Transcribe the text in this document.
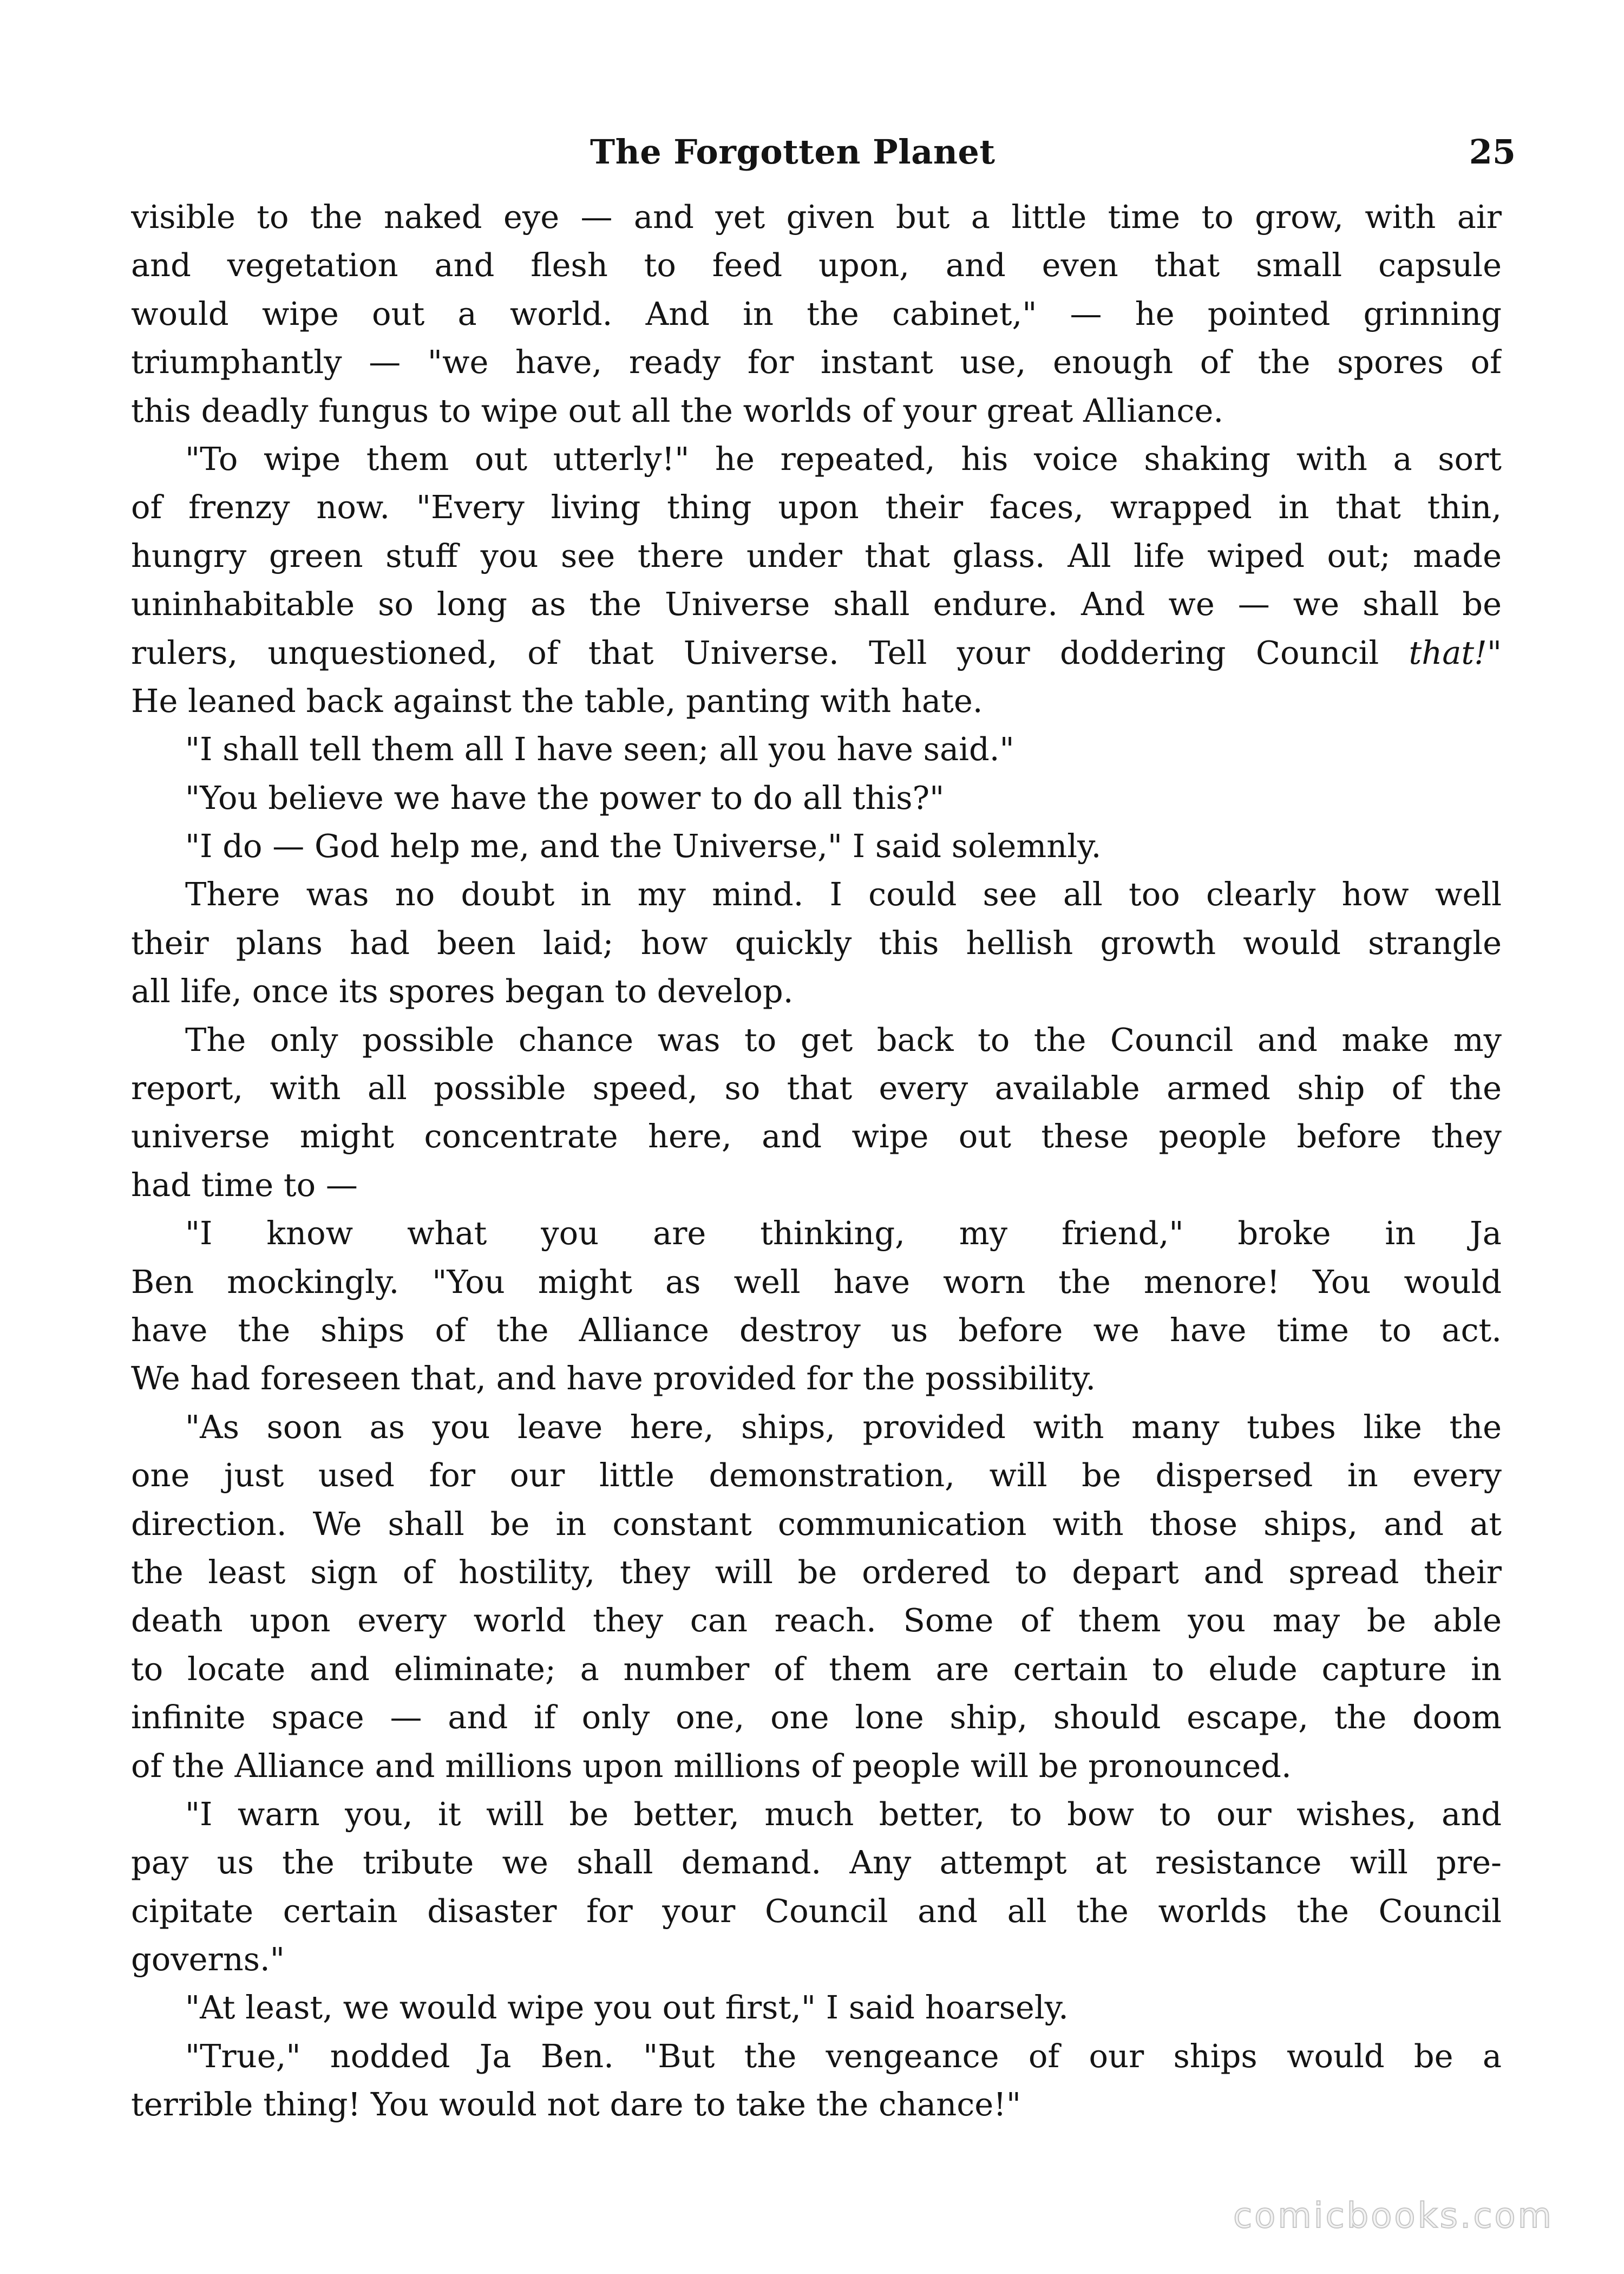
The Forgotten Planet	25
visible to the naked eye — and yet given but a little time to grow, with air
and vegetation and flesh to feed upon, and even that small capsule
would wipe out a world. And in the cabinet," — he pointed grinning
triumphantly — "we have, ready for instant use, enough of the spores of
this deadly fungus to wipe out all the worlds of your great Alliance.
"To wipe them out utterly!" he repeated, his voice shaking with a sort
of frenzy now. "Every living thing upon their faces, wrapped in that thin,
hungry green stuff you see there under that glass. All life wiped out; made
uninhabitable so long as the Universe shall endure. And we — we shall be
rulers, unquestioned, of that Universe. Tell your doddering Council that!"
He leaned back against the table, panting with hate.
"I shall tell them all I have seen; all you have said."
"You believe we have the power to do all this?"
"I do — God help me, and the Universe," I said solemnly.
There was no doubt in my mind. I could see all too clearly how well
their plans had been laid; how quickly this hellish growth would strangle
all life, once its spores began to develop.
The only possible chance was to get back to the Council and make my
report, with all possible speed, so that every available armed ship of the
universe might concentrate here, and wipe out these people before they
had time to —
"I know what you are thinking, my friend," broke in Ja
Ben mockingly. "You might as well have worn the menore! You would
have the ships of the Alliance destroy us before we have time to act.
We had foreseen that, and have provided for the possibility.
"As soon as you leave here, ships, provided with many tubes like the
one just used for our little demonstration, will be dispersed in every
direction. We shall be in constant communication with those ships, and at
the least sign of hostility, they will be ordered to depart and spread their
death upon every world they can reach. Some of them you may be able
to locate and eliminate; a number of them are certain to elude capture in
infinite space — and if only one, one lone ship, should escape, the doom
of the Alliance and millions upon millions of people will be pronounced.
"I warn you, it will be better, much better, to bow to our wishes, and
pay us the tribute we shall demand. Any attempt at resistance will pre-
cipitate certain disaster for your Council and all the worlds the Council
governs."
"At least, we would wipe you out first," I said hoarsely.
"True," nodded Ja Ben. "But the vengeance of our ships would be a
terrible thing! You would not dare to take the chance!"
comicbooks.com
